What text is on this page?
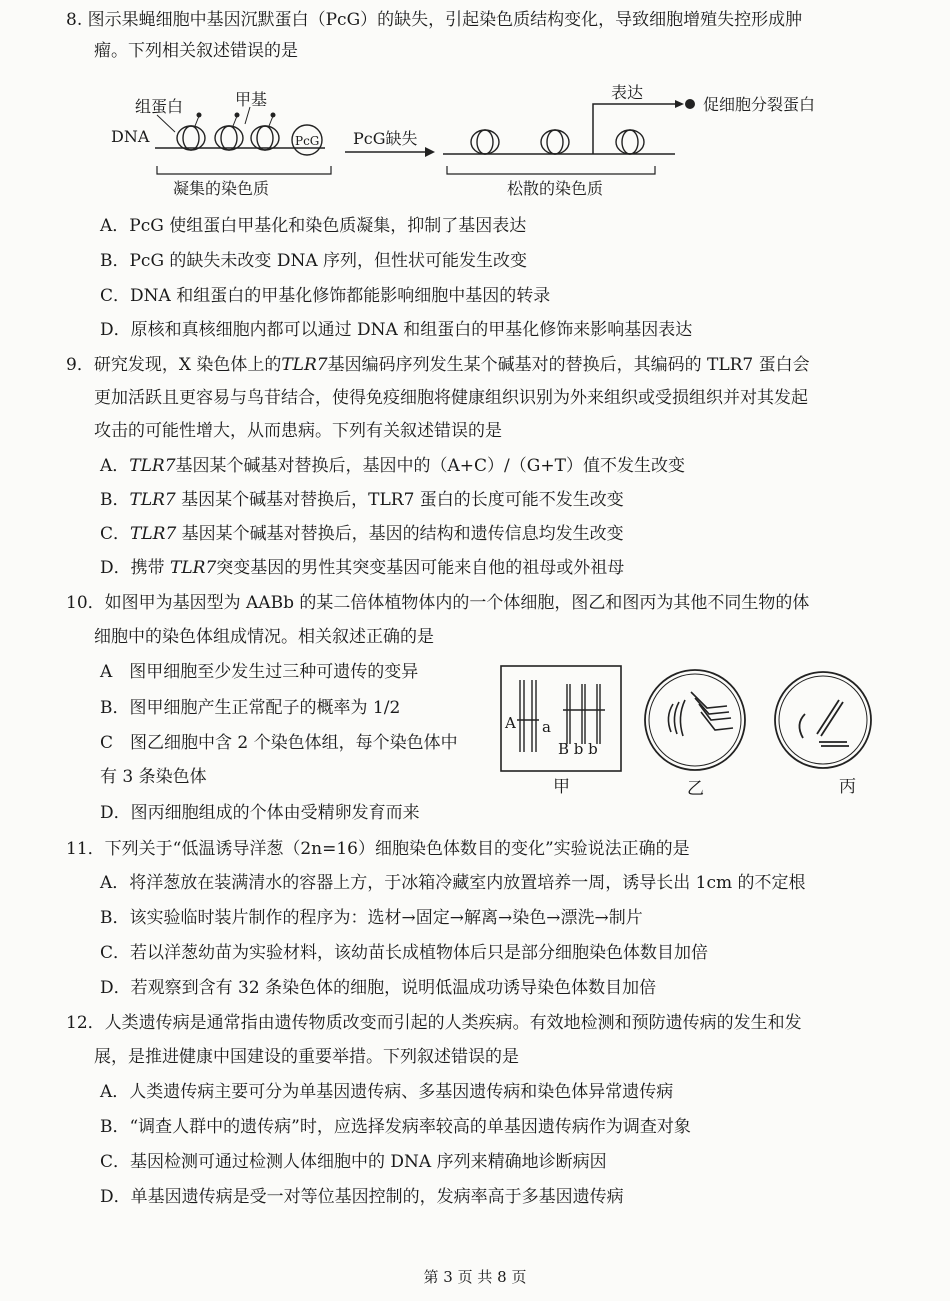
8. 图示果蝇细胞中基因沉默蛋白（PcG）的缺失，引起染色质结构变化，导致细胞增殖失控形成肿
瘤。下列相关叙述错误的是
组蛋白	甲基
DNA	PcG PcG缺失
表达
促细胞分裂蛋白
凝集的染色质	松散的染色质
A．PcG 使组蛋白甲基化和染色质凝集，抑制了基因表达
B．PcG 的缺失未改变 DNA 序列，但性状可能发生改变
C．DNA 和组蛋白的甲基化修饰都能影响细胞中基因的转录
D．原核和真核细胞内都可以通过 DNA 和组蛋白的甲基化修饰来影响基因表达
9．研究发现，X 染色体上的TLR7基因编码序列发生某个碱基对的替换后，其编码的 TLR7 蛋白会
更加活跃且更容易与鸟苷结合，使得免疫细胞将健康组织识别为外来组织或受损组织并对其发起
攻击的可能性增大，从而患病。下列有关叙述错误的是
A．TLR7基因某个碱基对替换后，基因中的（A+C）/（G+T）值不发生改变
B．TLR7 基因某个碱基对替换后，TLR7 蛋白的长度可能不发生改变
C．TLR7 基因某个碱基对替换后，基因的结构和遗传信息均发生改变
D．携带 TLR7突变基因的男性其突变基因可能来自他的祖母或外祖母
10．如图甲为基因型为 AABb 的某二倍体植物体内的一个体细胞，图乙和图丙为其他不同生物的体
细胞中的染色体组成情况。相关叙述正确的是
A　图甲细胞至少发生过三种可遗传的变异
B．图甲细胞产生正常配子的概率为 1/2
C　图乙细胞中含 2 个染色体组，每个染色体中
有 3 条染色体
D．图丙细胞组成的个体由受精卵发育而来
A a
B b b
甲	乙	丙
11．下列关于“低温诱导洋葱（2n=16）细胞染色体数目的变化”实验说法正确的是
A．将洋葱放在装满清水的容器上方，于冰箱冷藏室内放置培养一周，诱导长出 1cm 的不定根
B．该实验临时装片制作的程序为：选材→固定→解离→染色→漂洗→制片
C．若以洋葱幼苗为实验材料，该幼苗长成植物体后只是部分细胞染色体数目加倍
D．若观察到含有 32 条染色体的细胞，说明低温成功诱导染色体数目加倍
12．人类遗传病是通常指由遗传物质改变而引起的人类疾病。有效地检测和预防遗传病的发生和发
展，是推进健康中国建设的重要举措。下列叙述错误的是
A．人类遗传病主要可分为单基因遗传病、多基因遗传病和染色体异常遗传病
B．“调查人群中的遗传病”时，应选择发病率较高的单基因遗传病作为调查对象
C．基因检测可通过检测人体细胞中的 DNA 序列来精确地诊断病因
D．单基因遗传病是受一对等位基因控制的，发病率高于多基因遗传病
第 3 页 共 8 页
